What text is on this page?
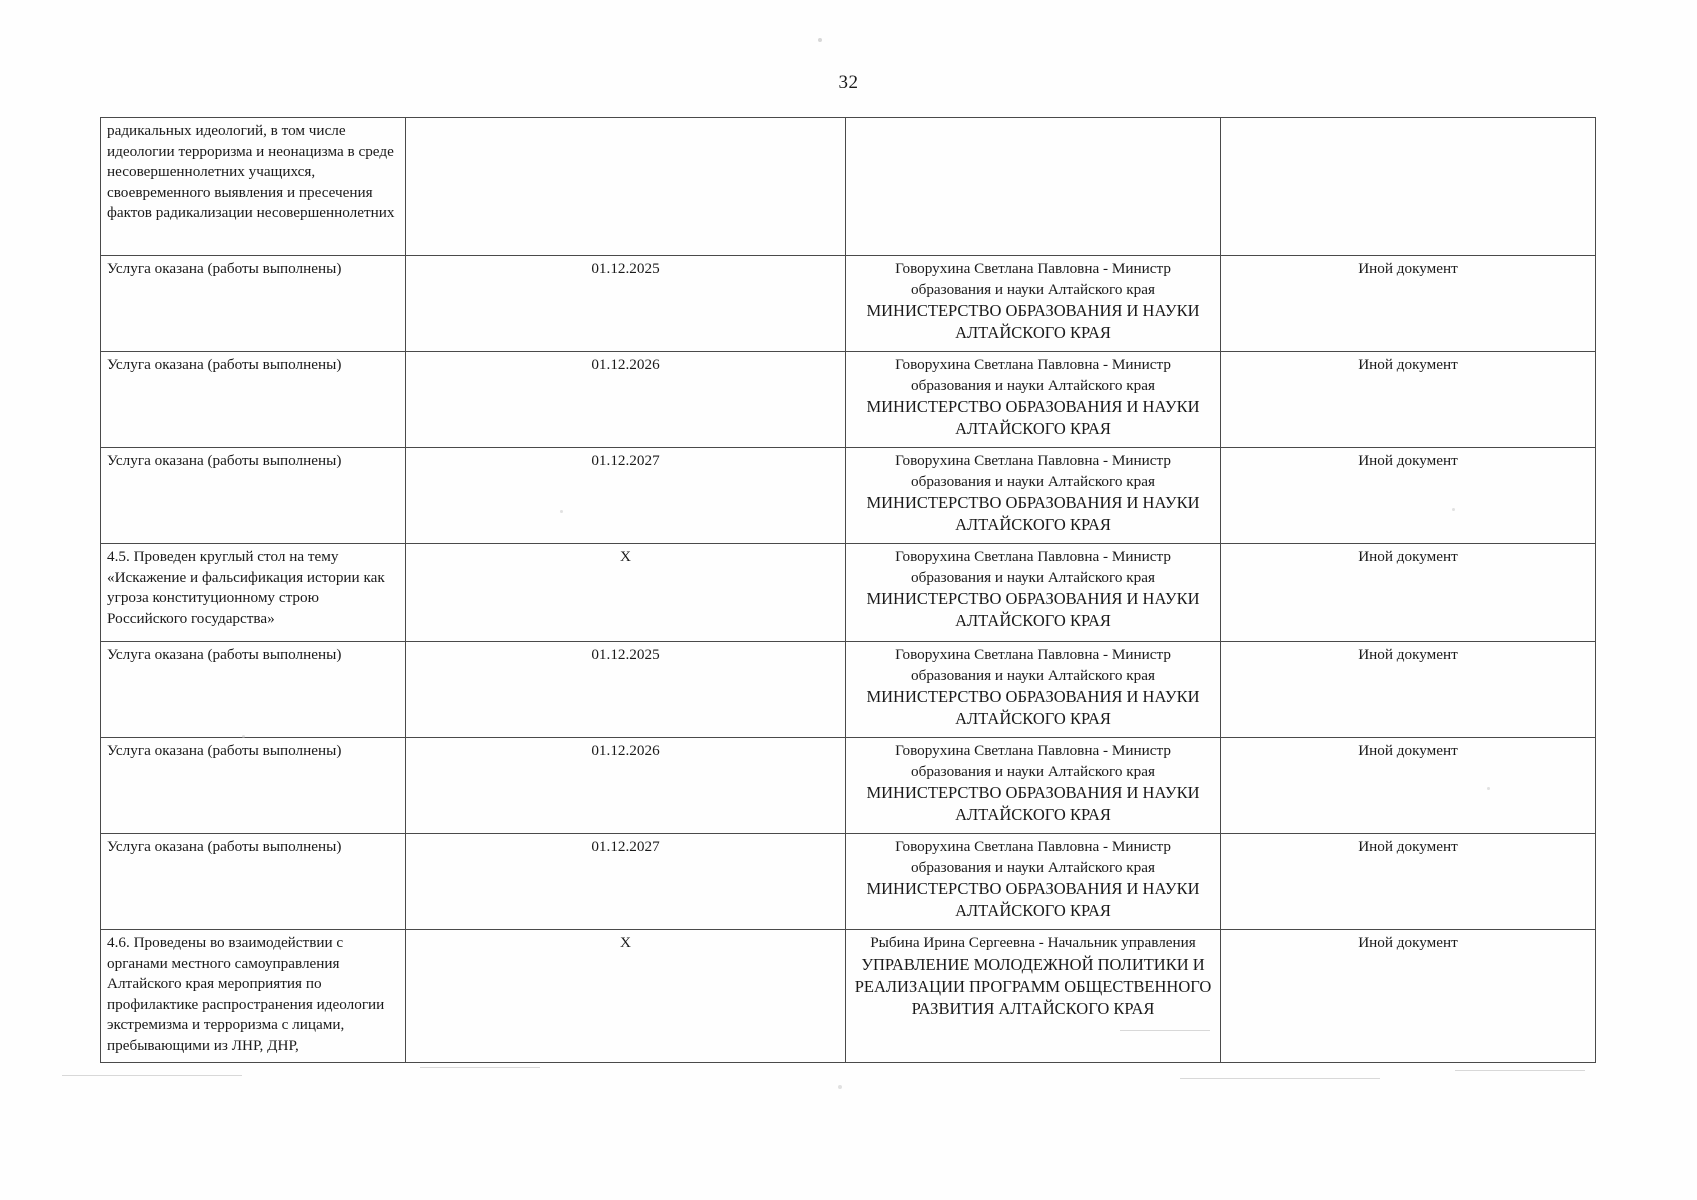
32
радикальных идеологий, в том числе идеологии терроризма и неонацизма в среде несовершеннолетних учащихся, своевременного выявления и пресечения фактов радикализации несовершеннолетних		

Услуга оказана (работы выполнены)	01.12.2025	Говорухина Светлана Павловна - Министр
образования и науки Алтайского края
МИНИСТЕРСТВО ОБРАЗОВАНИЯ И НАУКИ АЛТАЙСКОГО КРАЯ	Иной документ
Услуга оказана (работы выполнены)	01.12.2026	Говорухина Светлана Павловна - Министр
образования и науки Алтайского края
МИНИСТЕРСТВО ОБРАЗОВАНИЯ И НАУКИ АЛТАЙСКОГО КРАЯ	Иной документ
Услуга оказана (работы выполнены)	01.12.2027	Говорухина Светлана Павловна - Министр
образования и науки Алтайского края
МИНИСТЕРСТВО ОБРАЗОВАНИЯ И НАУКИ АЛТАЙСКОГО КРАЯ	Иной документ
4.5. Проведен круглый стол на тему «Искажение и фальсификация истории как угроза конституционному строю Российского государства»	X	Говорухина Светлана Павловна - Министр
образования и науки Алтайского края
МИНИСТЕРСТВО ОБРАЗОВАНИЯ И НАУКИ АЛТАЙСКОГО КРАЯ	Иной документ
Услуга оказана (работы выполнены)	01.12.2025	Говорухина Светлана Павловна - Министр
образования и науки Алтайского края
МИНИСТЕРСТВО ОБРАЗОВАНИЯ И НАУКИ АЛТАЙСКОГО КРАЯ	Иной документ
Услуга оказана (работы выполнены)	01.12.2026	Говорухина Светлана Павловна - Министр
образования и науки Алтайского края
МИНИСТЕРСТВО ОБРАЗОВАНИЯ И НАУКИ АЛТАЙСКОГО КРАЯ	Иной документ
Услуга оказана (работы выполнены)	01.12.2027	Говорухина Светлана Павловна - Министр
образования и науки Алтайского края
МИНИСТЕРСТВО ОБРАЗОВАНИЯ И НАУКИ АЛТАЙСКОГО КРАЯ	Иной документ
4.6. Проведены во взаимодействии с органами местного самоуправления Алтайского края мероприятия по профилактике распространения идеологии экстремизма и терроризма с лицами, пребывающими из ЛНР, ДНР,	X	Рыбина Ирина Сергеевна - Начальник управления
УПРАВЛЕНИЕ МОЛОДЕЖНОЙ ПОЛИТИКИ И РЕАЛИЗАЦИИ ПРОГРАММ ОБЩЕСТВЕННОГО РАЗВИТИЯ АЛТАЙСКОГО КРАЯ	Иной документ
